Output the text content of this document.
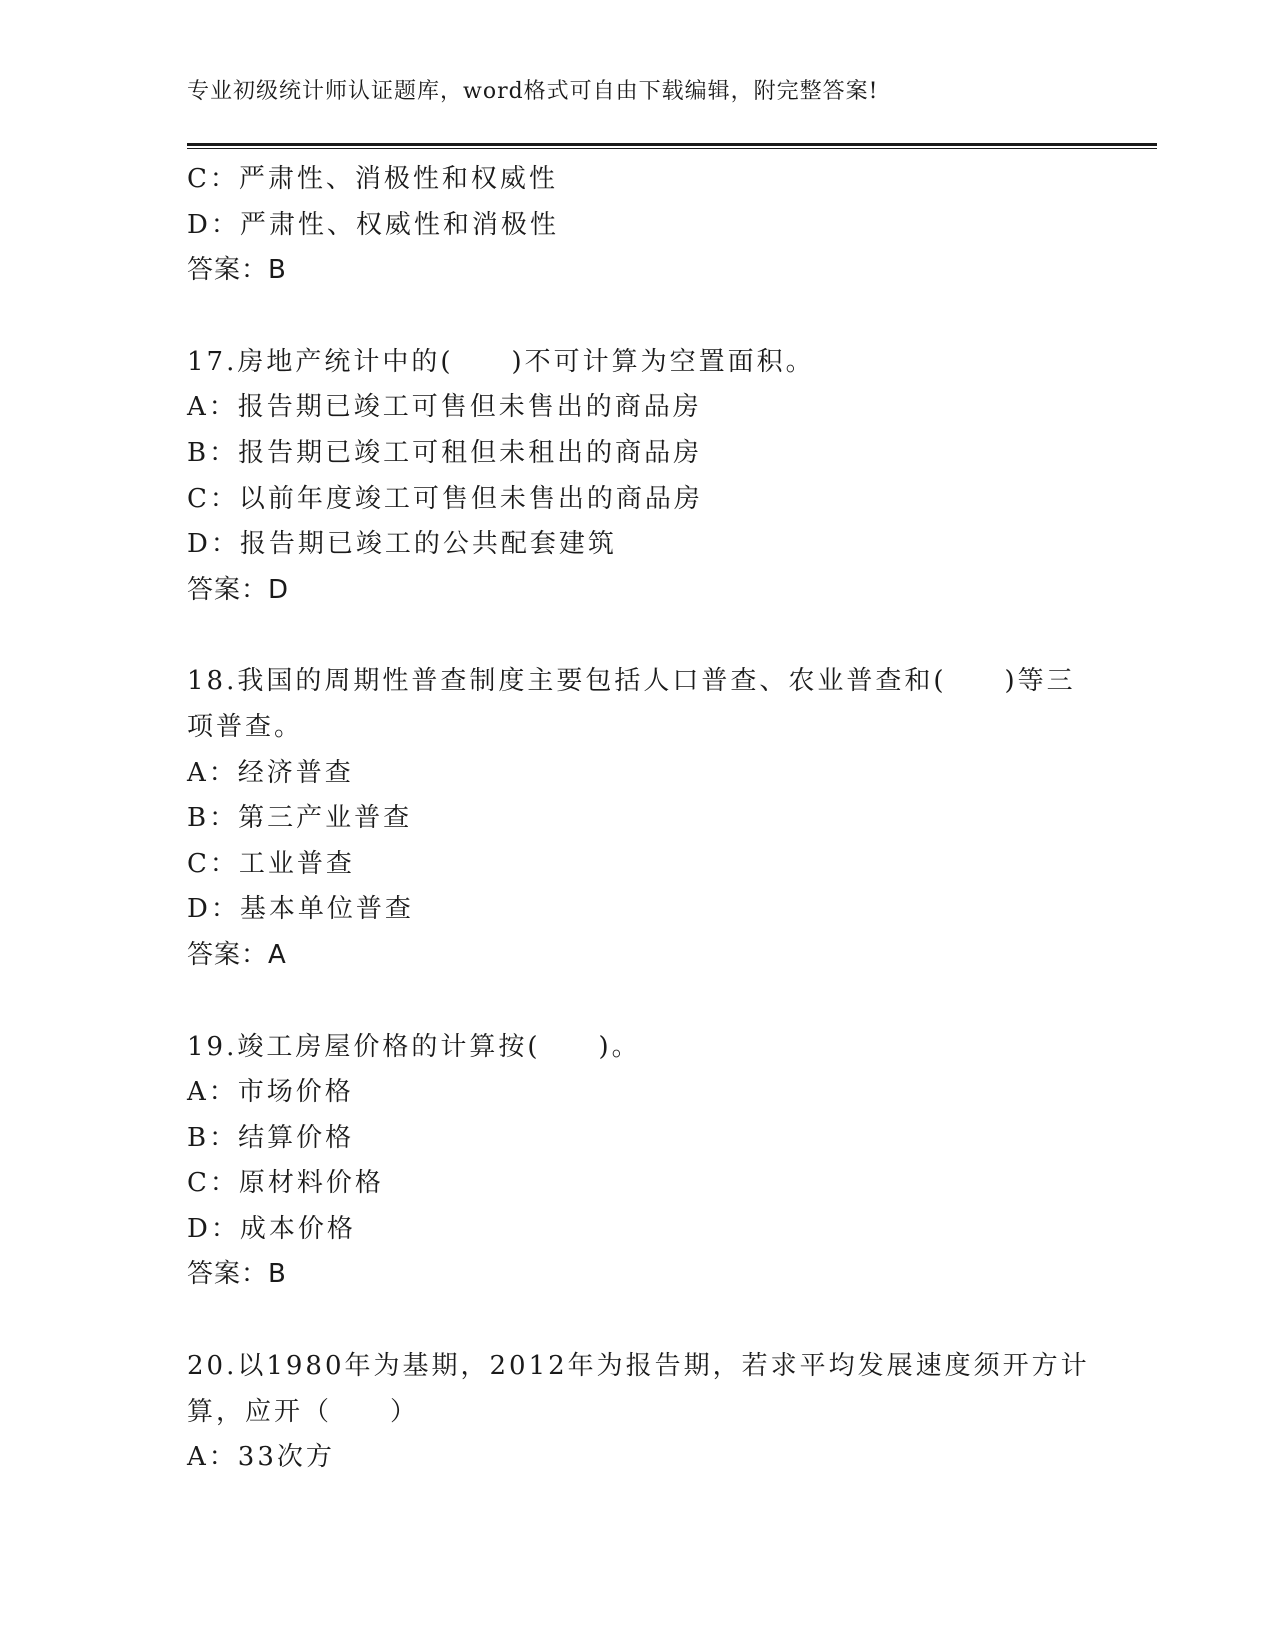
专业初级统计师认证题库，word格式可自由下载编辑，附完整答案!
C：严肃性、消极性和权威性
D：严肃性、权威性和消极性
答案：B
17.房地产统计中的(　　)不可计算为空置面积。
A：报告期已竣工可售但未售出的商品房
B：报告期已竣工可租但未租出的商品房
C：以前年度竣工可售但未售出的商品房
D：报告期已竣工的公共配套建筑
答案：D
18.我国的周期性普查制度主要包括人口普查、农业普查和(　　)等三
项普查。
A：经济普查
B：第三产业普查
C：工业普查
D：基本单位普查
答案：A
19.竣工房屋价格的计算按(　　)。
A：市场价格
B：结算价格
C：原材料价格
D：成本价格
答案：B
20.以1980年为基期，2012年为报告期，若求平均发展速度须开方计
算，应开（　　）
A：33次方
